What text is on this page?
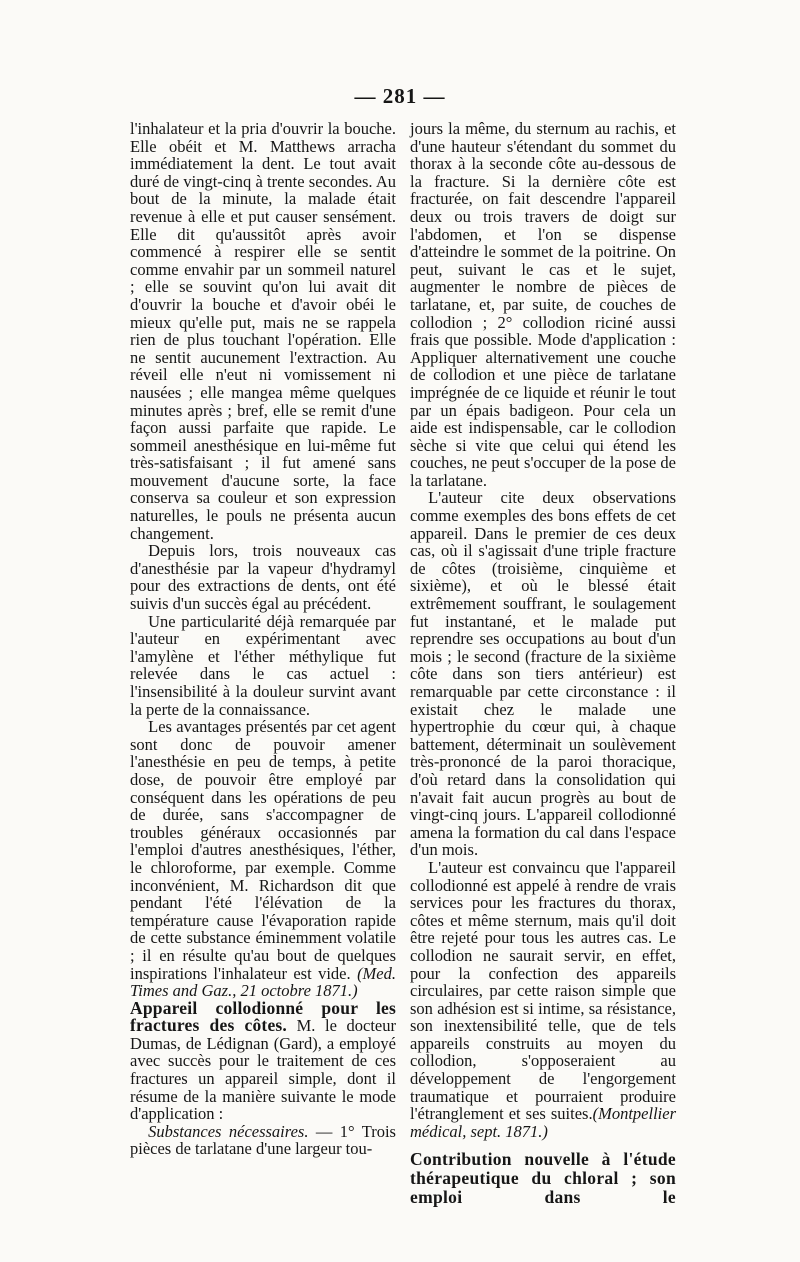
— 281 —

l'inhalateur et la pria d'ouvrir la bouche. Elle obéit et M. Matthews arracha immédiatement la dent. Le tout avait duré de vingt-cinq à trente secondes. Au bout de la minute, la malade était revenue à elle et put causer sensément. Elle dit qu'aussitôt après avoir commencé à respirer elle se sentit comme envahir par un sommeil naturel ; elle se souvint qu'on lui avait dit d'ouvrir la bouche et d'avoir obéi le mieux qu'elle put, mais ne se rappela rien de plus touchant l'opération. Elle ne sentit aucunement l'extraction. Au réveil elle n'eut ni vomissement ni nausées ; elle mangea même quelques minutes après ; bref, elle se remit d'une façon aussi parfaite que rapide. Le sommeil anesthésique en lui-même fut très-satisfaisant ; il fut amené sans mouvement d'aucune sorte, la face conserva sa couleur et son expression naturelles, le pouls ne présenta aucun changement.

Depuis lors, trois nouveaux cas d'anesthésie par la vapeur d'hydramyl pour des extractions de dents, ont été suivis d'un succès égal au précédent.

Une particularité déjà remarquée par l'auteur en expérimentant avec l'amylène et l'éther méthylique fut relevée dans le cas actuel : l'insensibilité à la douleur survint avant la perte de la connaissance.

Les avantages présentés par cet agent sont donc de pouvoir amener l'anesthésie en peu de temps, à petite dose, de pouvoir être employé par conséquent dans les opérations de peu de durée, sans s'accompagner de troubles généraux occasionnés par l'emploi d'autres anesthésiques, l'éther, le chloroforme, par exemple. Comme inconvénient, M. Richardson dit que pendant l'été l'élévation de la température cause l'évaporation rapide de cette substance éminemment volatile ; il en résulte qu'au bout de quelques inspirations l'inhalateur est vide. (Med. Times and Gaz., 21 octobre 1871.)

Appareil collodionné pour les fractures des côtes. M. le docteur Dumas, de Lédignan (Gard), a employé avec succès pour le traitement de ces fractures un appareil simple, dont il résume de la manière suivante le mode d'application :

Substances nécessaires. — 1° Trois pièces de tarlatane d'une largeur tou-

jours la même, du sternum au rachis, et d'une hauteur s'étendant du sommet du thorax à la seconde côte au-dessous de la fracture. Si la dernière côte est fracturée, on fait descendre l'appareil deux ou trois travers de doigt sur l'abdomen, et l'on se dispense d'atteindre le sommet de la poitrine. On peut, suivant le cas et le sujet, augmenter le nombre de pièces de tarlatane, et, par suite, de couches de collodion ; 2° collodion riciné aussi frais que possible. Mode d'application : Appliquer alternativement une couche de collodion et une pièce de tarlatane imprégnée de ce liquide et réunir le tout par un épais badigeon. Pour cela un aide est indispensable, car le collodion sèche si vite que celui qui étend les couches, ne peut s'occuper de la pose de la tarlatane.

L'auteur cite deux observations comme exemples des bons effets de cet appareil. Dans le premier de ces deux cas, où il s'agissait d'une triple fracture de côtes (troisième, cinquième et sixième), et où le blessé était extrêmement souffrant, le soulagement fut instantané, et le malade put reprendre ses occupations au bout d'un mois ; le second (fracture de la sixième côte dans son tiers antérieur) est remarquable par cette circonstance : il existait chez le malade une hypertrophie du cœur qui, à chaque battement, déterminait un soulèvement très-prononcé de la paroi thoracique, d'où retard dans la consolidation qui n'avait fait aucun progrès au bout de vingt-cinq jours. L'appareil collodionné amena la formation du cal dans l'espace d'un mois.

L'auteur est convaincu que l'appareil collodionné est appelé à rendre de vrais services pour les fractures du thorax, côtes et même sternum, mais qu'il doit être rejeté pour tous les autres cas. Le collodion ne saurait servir, en effet, pour la confection des appareils circulaires, par cette raison simple que son adhésion est si intime, sa résistance, son inextensibilité telle, que de tels appareils construits au moyen du collodion, s'opposeraient au développement de l'engorgement traumatique et pourraient produire l'étranglement et ses suites.(Montpellier médical, sept. 1871.)

Contribution nouvelle à l'étude thérapeutique du chloral ; son emploi dans le
